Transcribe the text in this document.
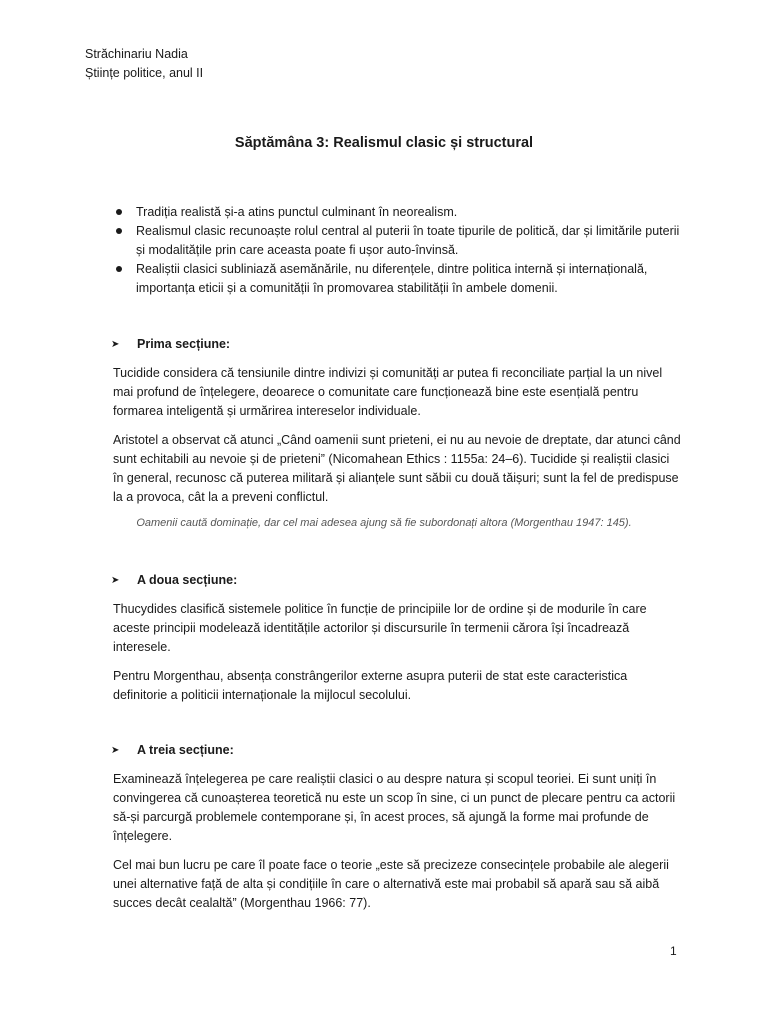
Străchinariu Nadia
Științe politice, anul II
Săptămâna 3: Realismul clasic și structural
Tradiția realistă și-a atins punctul culminant în neorealism.
Realismul clasic recunoaște rolul central al puterii în toate tipurile de politică, dar și limitările puterii și modalitățile prin care aceasta poate fi ușor auto-învinsă.
Realiștii clasici subliniază asemănările, nu diferențele, dintre politica internă și internațională, importanța eticii și a comunității în promovarea stabilității în ambele domenii.
➤ Prima secțiune:

Tucidide considera că tensiunile dintre indivizi și comunități ar putea fi reconciliate parțial la un nivel mai profund de înțelegere, deoarece o comunitate care funcționează bine este esențială pentru formarea inteligentă și urmărirea intereselor individuale.

Aristotel a observat că atunci „Când oamenii sunt prieteni, ei nu au nevoie de dreptate, dar atunci când sunt echitabili au nevoie și de prieteni” (Nicomahean Ethics : 1155a: 24–6). Tucidide și realiștii clasici în general, recunosc că puterea militară și alianțele sunt săbii cu două tăișuri; sunt la fel de predispuse la a provoca, cât la a preveni conflictul.

Oamenii caută dominație, dar cel mai adesea ajung să fie subordonați altora (Morgenthau 1947: 145).
➤ A doua secțiune:

Thucydides clasifică sistemele politice în funcție de principiile lor de ordine și de modurile în care aceste principii modelează identitățile actorilor și discursurile în termenii cărora își încadrează interesele.

Pentru Morgenthau, absența constrângerilor externe asupra puterii de stat este caracteristica definitorie a politicii internaționale la mijlocul secolului.

➤ A treia secțiune:

Examinează înțelegerea pe care realiștii clasici o au despre natura și scopul teoriei. Ei sunt uniți în convingerea că cunoașterea teoretică nu este un scop în sine, ci un punct de plecare pentru ca actorii să-și parcurgă problemele contemporane și, în acest proces, să ajungă la forme mai profunde de înțelegere.

Cel mai bun lucru pe care îl poate face o teorie „este să precizeze consecințele probabile ale alegerii unei alternative față de alta și condițiile în care o alternativă este mai probabil să apară sau să aibă succes decât cealaltă” (Morgenthau 1966: 77).

1
